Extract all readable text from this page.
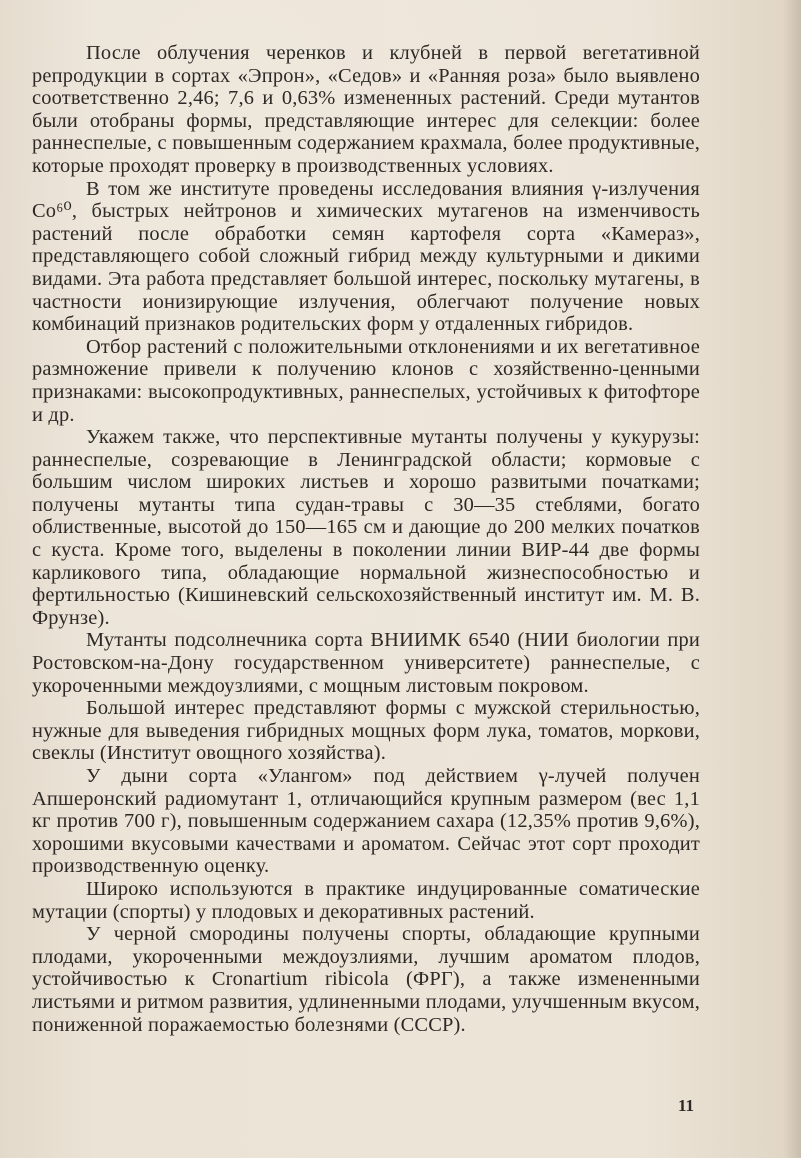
После облучения черенков и клубней в первой вегетативной репродукции в сортах «Эпрон», «Седов» и «Ранняя роза» было выявлено соответственно 2,46; 7,6 и 0,63% измененных растений. Среди мутантов были отобраны формы, представляющие интерес для селекции: более раннеспелые, с повышенным содержанием крахмала, более продуктивные, которые проходят проверку в производственных условиях.

В том же институте проведены исследования влияния γ-излучения Co⁶⁰, быстрых нейтронов и химических мутагенов на изменчивость растений после обработки семян картофеля сорта «Камераз», представляющего собой сложный гибрид между культурными и дикими видами. Эта работа представляет большой интерес, поскольку мутагены, в частности ионизирующие излучения, облегчают получение новых комбинаций признаков родительских форм у отдаленных гибридов.

Отбор растений с положительными отклонениями и их вегетативное размножение привели к получению клонов с хозяйственно-ценными признаками: высокопродуктивных, раннеспелых, устойчивых к фитофторе и др.

Укажем также, что перспективные мутанты получены у кукурузы: раннеспелые, созревающие в Ленинградской области; кормовые с большим числом широких листьев и хорошо развитыми початками; получены мутанты типа судан-травы с 30—35 стеблями, богато облиственные, высотой до 150—165 см и дающие до 200 мелких початков с куста. Кроме того, выделены в поколении линии ВИР-44 две формы карликового типа, обладающие нормальной жизнеспособностью и фертильностью (Кишиневский сельскохозяйственный институт им. М. В. Фрунзе).

Мутанты подсолнечника сорта ВНИИМК 6540 (НИИ биологии при Ростовском-на-Дону государственном университете) раннеспелые, с укороченными междоузлиями, с мощным листовым покровом.

Большой интерес представляют формы с мужской стерильностью, нужные для выведения гибридных мощных форм лука, томатов, моркови, свеклы (Институт овощного хозяйства).

У дыни сорта «Улангом» под действием γ-лучей получен Апшеронский радиомутант 1, отличающийся крупным размером (вес 1,1 кг против 700 г), повышенным содержанием сахара (12,35% против 9,6%), хорошими вкусовыми качествами и ароматом. Сейчас этот сорт проходит производственную оценку.

Широко используются в практике индуцированные соматические мутации (спорты) у плодовых и декоративных растений.

У черной смородины получены спорты, обладающие крупными плодами, укороченными междоузлиями, лучшим ароматом плодов, устойчивостью к Cronartium ribicola (ФРГ), а также измененными листьями и ритмом развития, удлиненными плодами, улучшенным вкусом, пониженной поражаемостью болезнями (СССР).

11
